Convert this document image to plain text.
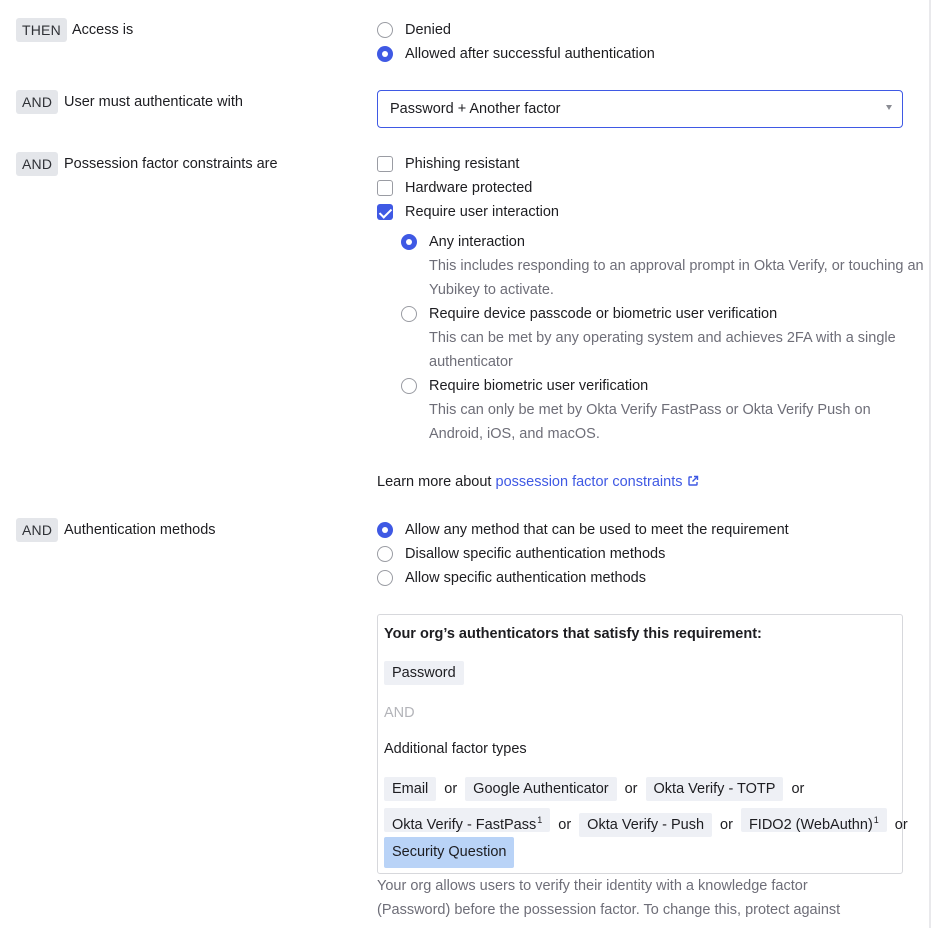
THEN Access is	Denied
Allowed after successful authentication
AND User must authenticate with	Password + Another factor
AND Possession factor constraints are	Phishing resistant
Hardware protected
Require user interaction
Any interaction
This includes responding to an approval prompt in Okta Verify, or touching an Yubikey to activate.
Require device passcode or biometric user verification
This can be met by any operating system and achieves 2FA with a single authenticator
Require biometric user verification
This can only be met by Okta Verify FastPass or Okta Verify Push on Android, iOS, and macOS.
Learn more about
possession factor constraints
AND Authentication methods	Allow any method that can be used to meet the requirement
Disallow specific authentication methods
Allow specific authentication methods
Your org’s authenticators that satisfy this requirement:
Password
AND
Additional factor types
Email or Google Authenticator or Okta Verify - TOTP or
Okta Verify - FastPass$^1$ or Okta Verify - Push or FIDO2 (WebAuthn)$^1$ or
Security Question
Your org allows users to verify their identity with a knowledge factor (Password) before the possession factor. To change this, protect against
